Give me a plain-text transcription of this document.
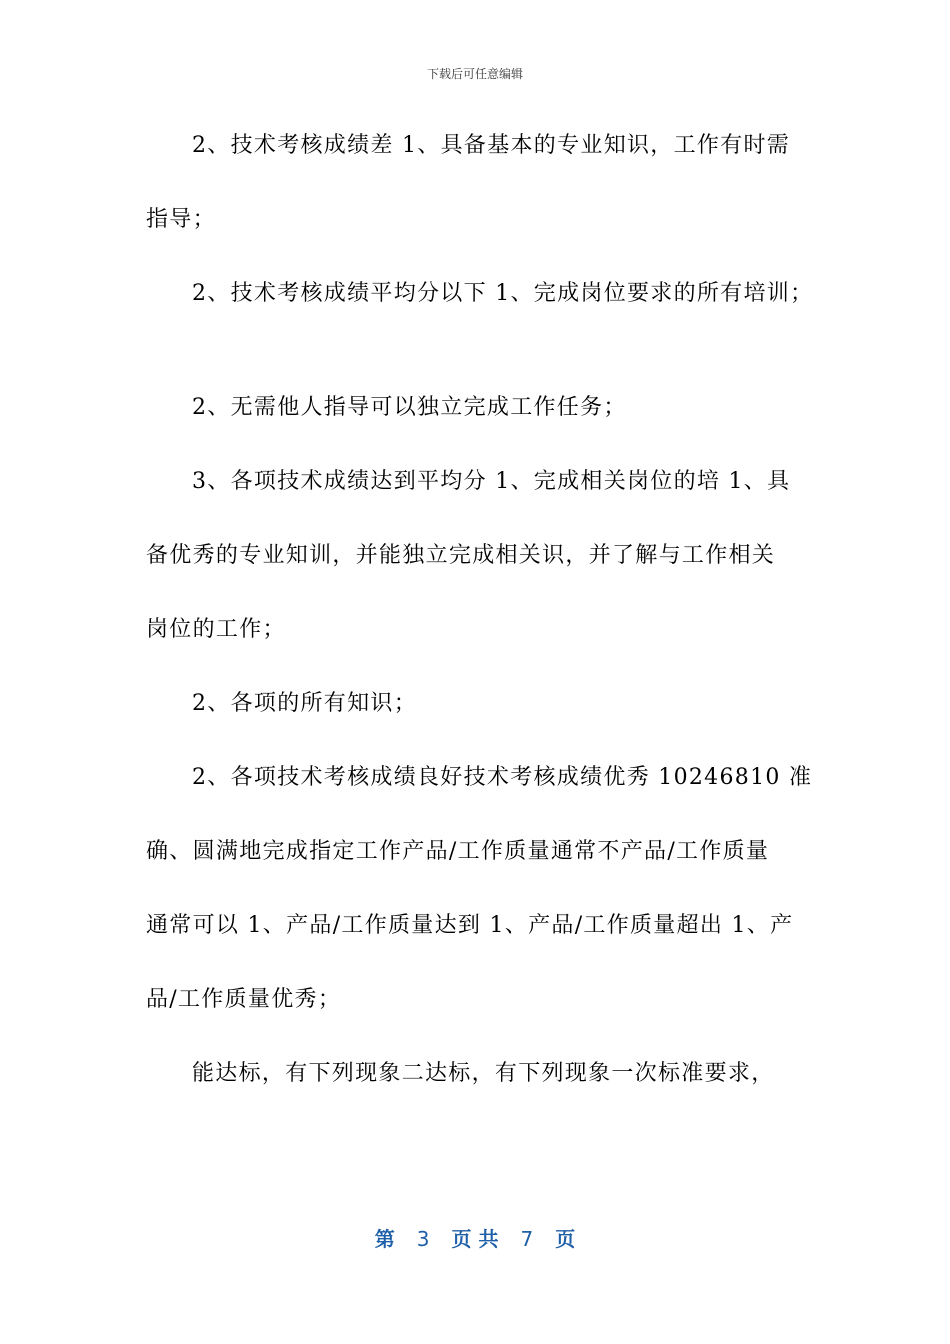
下载后可任意编辑
2、技术考核成绩差 1、具备基本的专业知识，工作有时需
指导；
2、技术考核成绩平均分以下 1、完成岗位要求的所有培训；
2、无需他人指导可以独立完成工作任务；
3、各项技术成绩达到平均分 1、完成相关岗位的培 1、具
备优秀的专业知训，并能独立完成相关识，并了解与工作相关
岗位的工作；
2、各项的所有知识；
2、各项技术考核成绩良好技术考核成绩优秀 10246810 准
确、圆满地完成指定工作产品/工作质量通常不产品/工作质量
通常可以 1、产品/工作质量达到 1、产品/工作质量超出 1、产
品/工作质量优秀；
能达标，有下列现象二达标，有下列现象一次标准要求，
第 3 页 共 7 页
